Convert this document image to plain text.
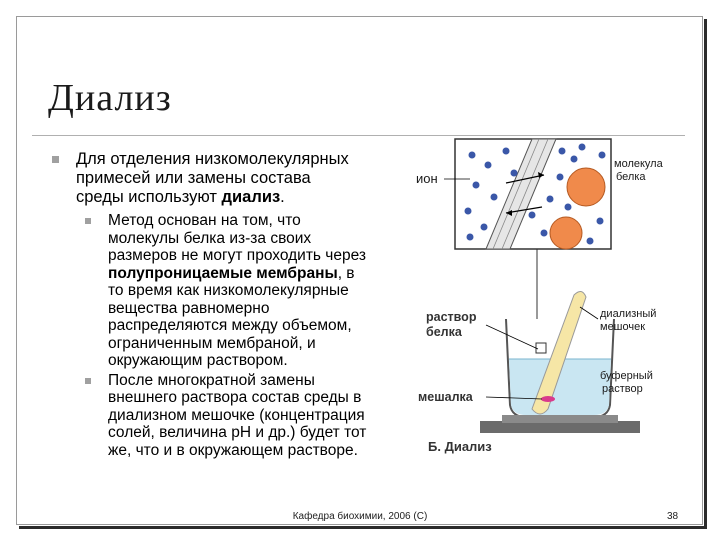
Диализ
Для отделения низкомолекулярных
примесей или замены состава
среды используют диализ.
Метод основан на том, что
молекулы белка из-за своих
размеров не могут проходить через
полупроницаемые мембраны, в
то время как низкомолекулярные
вещества равномерно
распределяются между объемом,
ограниченным мембраной, и
окружающим раствором.
После многократной замены
внешнего раствора состав среды в
диализном мешочке (концентрация
солей, величина pH и др.) будет тот
же, что и в окружающем растворе.
ион
молекула
белка
раствор
белка
диализный
мешочек
буферный
раствор
мешалка
Б. Диализ
Кафедра биохимии, 2006 (C)	38
